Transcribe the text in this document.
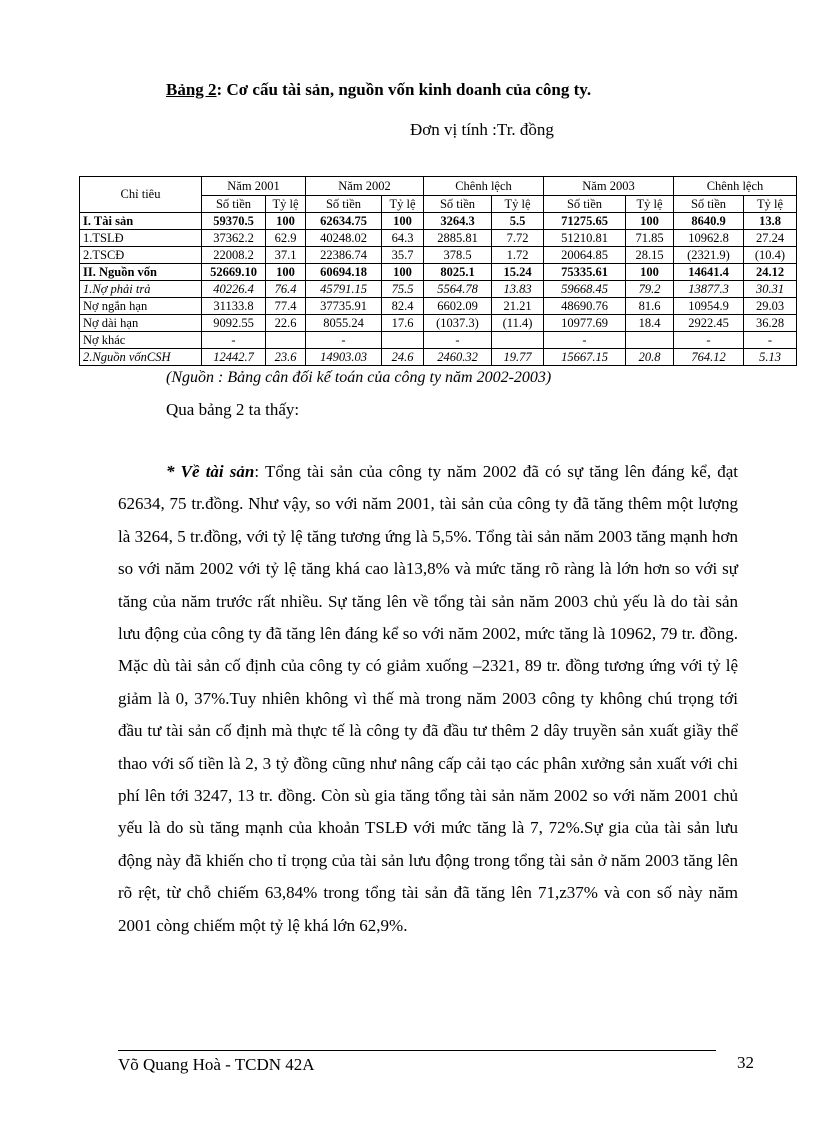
Bảng 2: Cơ cấu tài sản, nguồn vốn kinh doanh của công ty.
Đơn vị tính :Tr. đồng
Chỉ tiêu	Năm 2001		Năm 2002		Chênh lệch		Năm 2003		Chênh lệch	
	Số tiền	Tỷ lệ	Số tiền	Tỷ lệ	Số tiền	Tỷ lệ	Số tiền	Tỷ lệ	Số tiền	Tỷ lệ
I. Tài sản	59370.5	100	62634.75	100	3264.3	5.5	71275.65	100	8640.9	13.8
1.TSLĐ	37362.2	62.9	40248.02	64.3	2885.81	7.72	51210.81	71.85	10962.8	27.24
2.TSCĐ	22008.2	37.1	22386.74	35.7	378.5	1.72	20064.85	28.15	(2321.9)	(10.4)
II. Nguồn vốn	52669.10	100	60694.18	100	8025.1	15.24	75335.61	100	14641.4	24.12
1.Nợ phải trả	40226.4	76.4	45791.15	75.5	5564.78	13.83	59668.45	79.2	13877.3	30.31
Nợ ngắn hạn	31133.8	77.4	37735.91	82.4	6602.09	21.21	48690.76	81.6	10954.9	29.03
Nợ dài hạn	9092.55	22.6	8055.24	17.6	(1037.3)	(11.4)	10977.69	18.4	2922.45	36.28
Nợ khác	-		-		-		-		-	-
2.Nguồn vốnCSH	12442.7	23.6	14903.03	24.6	2460.32	19.77	15667.15	20.8	764.12	5.13
(Nguồn : Bảng cân đối kế toán của công ty năm 2002-2003)
Qua bảng 2 ta thấy:
* Về tài sản: Tổng tài sản của công ty năm 2002 đã có sự tăng lên đáng kể, đạt 62634, 75 tr.đồng. Như vậy, so với năm 2001, tài sản của công ty đã tăng thêm một lượng là 3264, 5 tr.đồng, với tỷ lệ tăng tương ứng là 5,5%. Tổng tài sản năm 2003 tăng mạnh hơn so với năm 2002 với tỷ lệ tăng khá cao là13,8% và mức tăng rõ ràng là lớn hơn so với sự tăng của năm trước rất nhiều. Sự tăng lên về tổng tài sản năm 2003 chủ yếu là do tài sản lưu động của công ty đã tăng lên đáng kể so với năm 2002, mức tăng là 10962, 79 tr. đồng. Mặc dù tài sản cố định của công ty có giảm xuống –2321, 89 tr. đồng tương ứng với tỷ lệ giảm là 0, 37%.Tuy nhiên không vì thế mà trong năm 2003 công ty không chú trọng tới đầu tư tài sản cố định mà thực tế là công ty đã đầu tư thêm 2 dây truyền sản xuất giầy thể thao với số tiền là 2, 3 tỷ đồng cũng như nâng cấp cải tạo các phân xưởng sản xuất với chi phí lên tới 3247, 13 tr. đồng. Còn sù gia tăng tổng tài sản năm 2002 so với năm 2001 chủ yếu là do sù tăng mạnh của khoản TSLĐ với mức tăng là 7, 72%.Sự gia của tài sản lưu động này đã khiến cho tỉ trọng của tài sản lưu động trong tổng tài sản ở năm 2003 tăng lên rõ rệt, từ chỗ chiếm 63,84% trong tổng tài sản đã tăng lên 71,z37% và con số này năm 2001 còng chiếm một tỷ lệ khá lớn 62,9%.
Võ Quang Hoà - TCDN 42A	32
